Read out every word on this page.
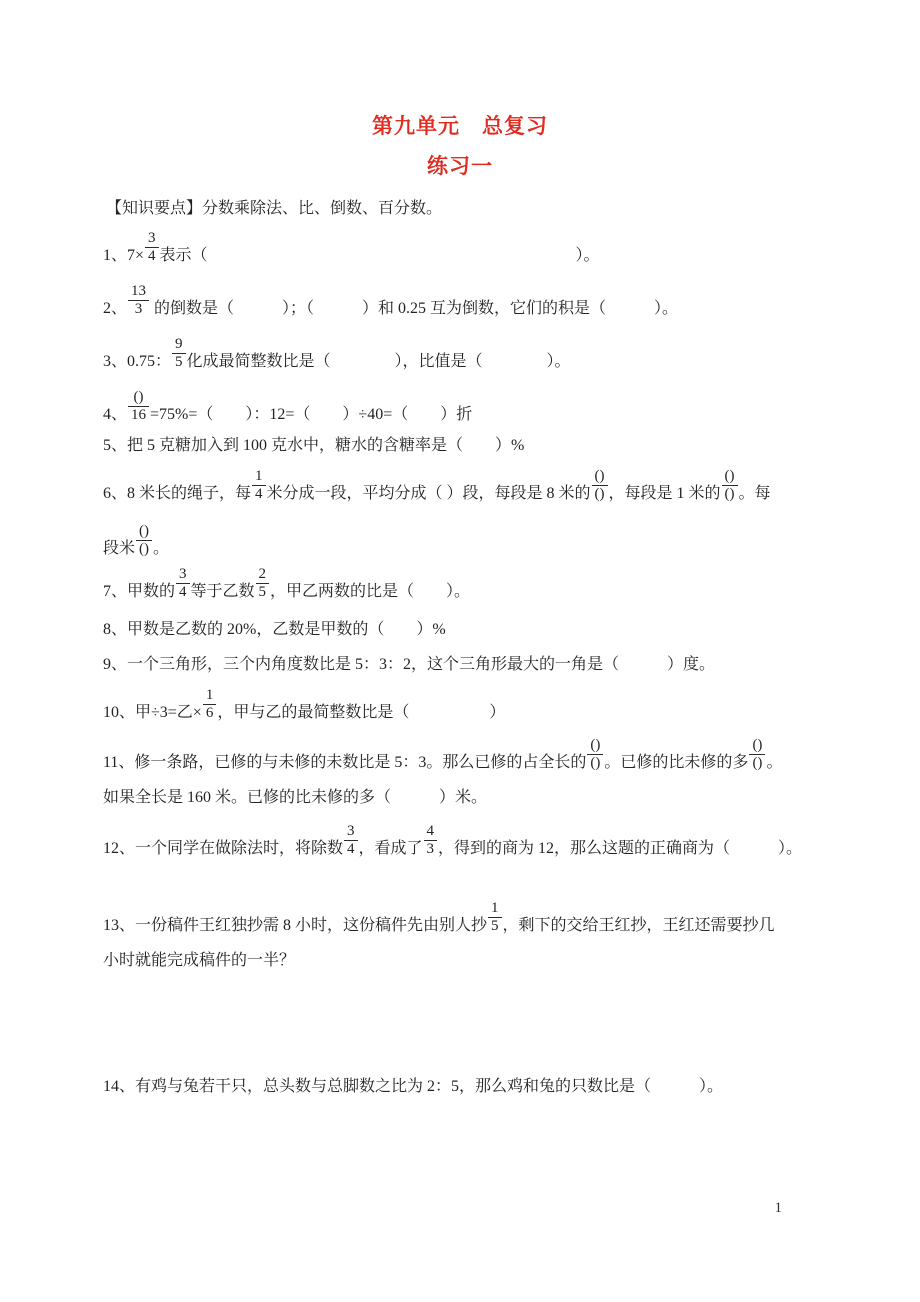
第九单元　总复习
练习一

【知识要点】分数乘除法、比、倒数、百分数。

1、$7\times \frac{3}{4}$ 表示（　　　　　　　　　　　　　　　　　　　　　　　）。
2、 $\frac{13}{3}$ 的倒数是（　　　）；（　　　）和 0.25 互为倒数，它们的积是（　　　）。
3、0.75： $\frac{9}{5}$ 化成最简整数比是（　　　　），比值是（　　　　）。
4、 $\frac{()}{16} =75\%=$（　　）：12=（　　）÷40=（　　）折
5、把 5 克糖加入到 100 克水中，糖水的含糖率是（　　）%
6、8 米长的绳子，每 $\frac{1}{4}$ 米分成一段，平均分成（ ）段，每段是 8 米的 $\frac{()}{()}$ ，每段是 1 米的 $\frac{()}{()}$ 。每
段米 $\frac{()}{()}$ 。
7、甲数的 $\frac{3}{4}$ 等于乙数 $\frac{2}{5}$ ，甲乙两数的比是（　　）。
8、甲数是乙数的 20%，乙数是甲数的（　　）%
9、一个三角形，三个内角度数比是 5：3：2，这个三角形最大的一角是（　　　）度。
10、甲÷3=乙× $\frac{1}{6}$ ，甲与乙的最简整数比是（　　　　　）
11、修一条路，已修的与未修的未数比是 5：3。那么已修的占全长的 $\frac{()}{()}$ 。已修的比未修的多 $\frac{()}{()}$ 。
如果全长是 160 米。已修的比未修的多（　　　）米。
12、一个同学在做除法时，将除数 $\frac{3}{4}$ ，看成了 $\frac{4}{3}$ ，得到的商为 12，那么这题的正确商为（　　　）。
13、一份稿件王红独抄需 8 小时，这份稿件先由别人抄 $\frac{1}{5}$ ，剩下的交给王红抄，王红还需要抄几
小时就能完成稿件的一半？
14、有鸡与兔若干只，总头数与总脚数之比为 2：5，那么鸡和兔的只数比是（　　　）。
1
